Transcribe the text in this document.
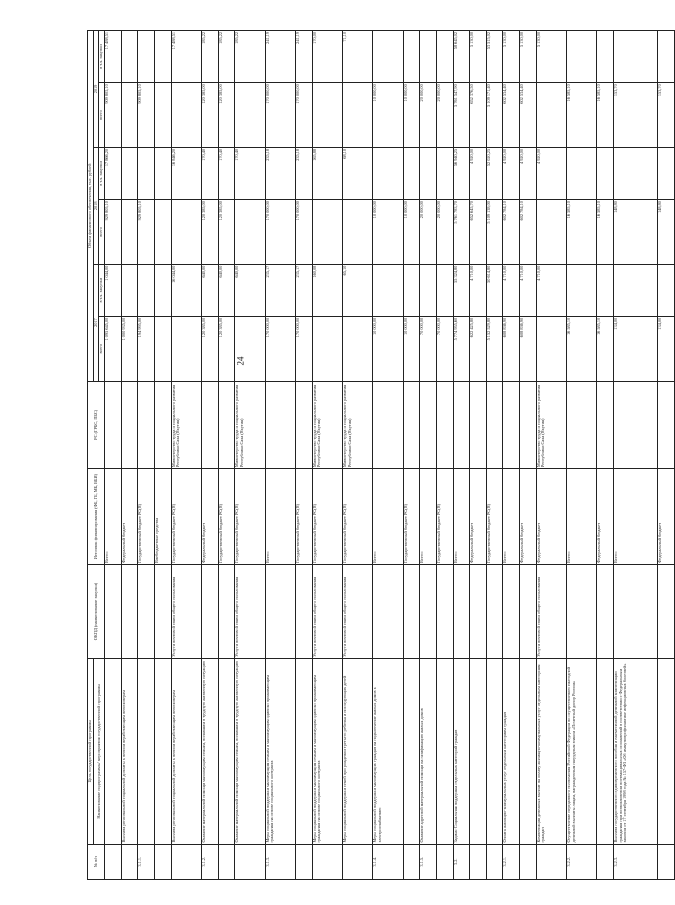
24
№ п/п	Цель государственной программы	ОКПД (наименование закупки)	Источник финансирования (ФБ, ГБ, МБ, ВБИ)	РС (ГРБС, ПБС)	Объем финансового обеспечения, тыс. рублей					
	Наименование подпрограммы/ мероприятия государственной программы				2017		2018		2019	
					всего	в т.ч. закупки	всего	в т.ч. закупки	всего	в т.ч. закупки
			Всего:		1 095 645,00	1 044,00	929 805,10	17 866,20	909 805,10	17 488,51
	Выплата региональной социальной доплаты к пенсии неработающим пенсионерам		Федеральный бюджет		1 000 935,00					
3.1.1.			Государственный бюджет РС(Я)		194 995,00		929 805,10		909 805,10	
			Внебюджетные средства							
	Выплата региональной социальной доплаты к пенсии неработающим пенсионерам	Услуги почтовой связи общего пользования	Государственный бюджет РС(Я)	Министерство труда и социального развития Республики Саха (Якутия)		16 044,00		16 846,20		17 488,51
3.1.2.	Оказание материальной помощи малоимущим семьям, попавшим в трудную жизненную ситуацию		Федеральный бюджет		120 385,00	640,00	120 385,00	170,40	120 385,00	185,22
			Государственный бюджет РС(Я)		120 385,00	640,00	120 385,00	170,40	120 385,00	185,22
	Оказание материальной помощи малоимущим семьям, попавшим в трудную жизненную ситуацию	Услуги почтовой связи общего пользования	Государственный бюджет РС(Я)	Министерство труда и социального развития Республики Саха (Якутия)		640,00		170,40		185,22
3.1.3.	Меры социальной поддержки малоимущим семьям и малоимущим одиноко проживающим гражданам на основе социального контракта		Всего:		170 000,00	235,17	170 000,00	235,18	170 000,00	241,19
			Государственный бюджет РС(Я)		170 000,00	235,17	170 000,00	235,18	170 000,00	241,19
	Меры социальной поддержки малоимущим семьям и малоимущим одиноко проживающим гражданам на основе социального контракта	Услуги почтовой связи общего пользования	Государственный бюджет РС(Я)	Министерство труда и социального развития Республики Саха (Якутия)		160,08		165,88		170,00
	Меры социальной поддержки семей при рождении третьего ребенка и последующих детей	Услуги почтовой связи общего пользования	Государственный бюджет РС(Я)	Министерство труда и социального развития Республики Саха (Якутия)		65,10		68,10		71,10
3.1.4.	Меры социальной поддержки малоимущих граждан на подключение жилых домов к электроснабжению		Всего:		10 000,00		10 000,00		10 000,00	
			Государственный бюджет РС(Я)		10 000,00		10 000,00		10 000,00	
3.1.5.	Оказание адресной материальной помощи на газификацию жилых домов		Всего:		70 000,00		20 000,00		20 000,00	
			Государственный бюджет РС(Я)		70 000,00		20 000,00		20 000,00	
3.2.	Задача: Социальная поддержка отдельных категорий граждан		Всего:		5 774 955,60	55 324,80	5 761 783,70	56 940,25	5 761 547,90	58 645,02
			Федеральный бюджет		622 425,80	4 710,00	652 645,70	4 920,00	652 376,50	5 130,00
			Государственный бюджет РС(Я)		5 152 529,80	50 614,80	5 109 138,00	52 020,25	5 109 171,40	53 515,02
3.2.1.	Оплата жилищно-коммунальных услуг отдельным категориям граждан		Всего:		608 836,90	4 710,00	602 784,10	4 920,00	602 534,40	5 130,00
			Федеральный бюджет		608 836,90	4 710,00	602 784,10	4 920,00	602 534,40	5 130,00
	Компенсация денежных выплат на оплату жилищно-коммунальных услуг отдельным категориям граждан	Услуги почтовой связи общего пользования	Федеральный бюджет	Министерство труда и социального развития Республики Саха (Якутия)		4 710,00		4 920,00		5 130,00
3.2.2.	Осуществление переданного полномочия Российской Федерации по осуществлению ежегодной денежной выплаты лицам, награжденным нагрудным знаком «Почетный донор России»		Всего:		16 585,10		16 585,10		16 585,10	
			Федеральный бюджет		16 585,10		16 585,10		16 585,10	
3.2.3.	Выплата государственного единовременного пособия и ежемесячной денежной компенсации гражданам при возникновении поствакцинальных осложнений в соответствии с Федеральным законом от 17 сентября 1998 года № 157-ФЗ «Об иммунопрофилактике инфекционных болезней»		Всего:		134,00		148,80		153,70	
			Федеральный бюджет		134,00		148,80		153,70	
